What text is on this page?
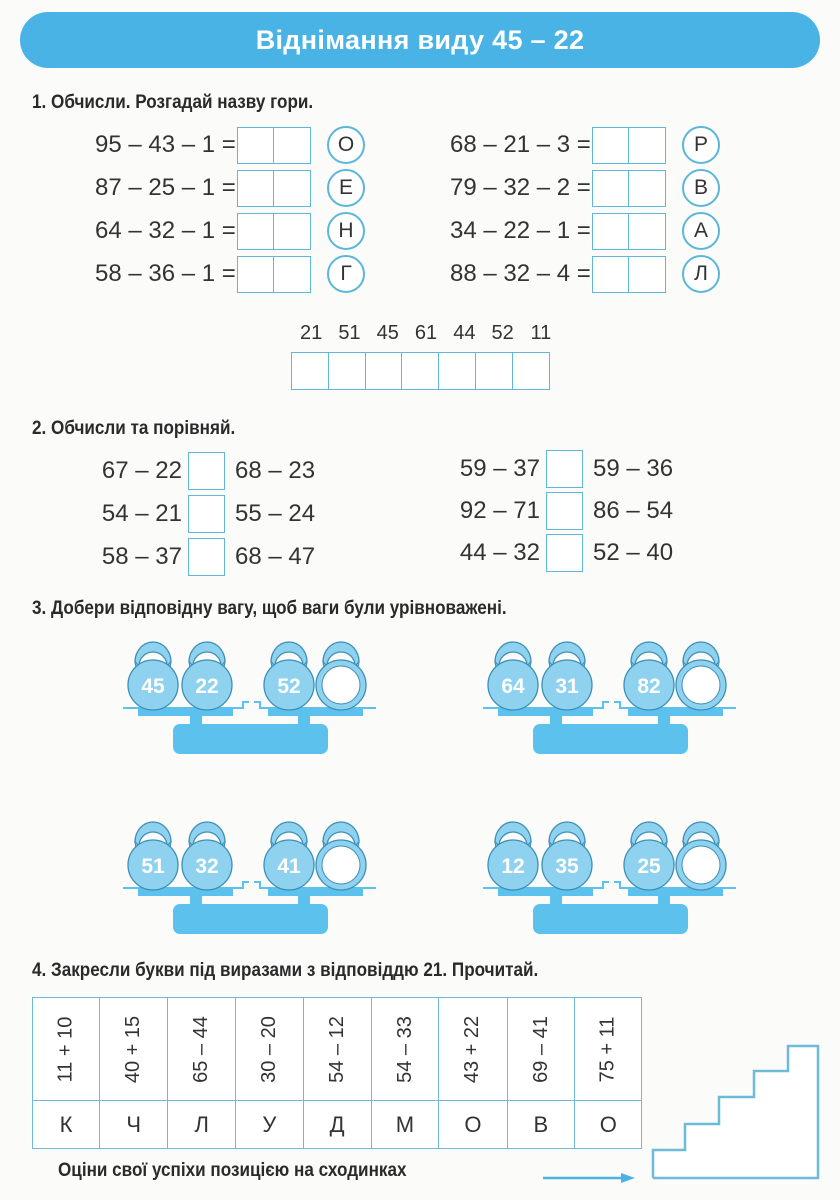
Віднімання виду 45 – 22
1. Обчисли. Розгадай назву гори.
95 – 43 – 1 =	О
87 – 25 – 1 =	Е
64 – 32 – 1 =	Н
58 – 36 – 1 =	Г
68 – 21 – 3 =	Р
79 – 32 – 2 =	В
34 – 22 – 1 =	А
88 – 32 – 4 =	Л
21 51 45 61 44 52 11
2. Обчисли та порівняй.
67 – 22 68 – 23
54 – 21 55 – 24
58 – 37 68 – 47
59 – 37 59 – 36
92 – 71 86 – 54
44 – 32 52 – 40
3. Добери відповідну вагу, щоб ваги були урівноважені.
45	22	52	64	31	82
51	32	41	12	35	25
4. Закресли букви під виразами з відповіддю 21. Прочитай.
11 + 10	40 + 15	65 – 44	30 – 20	54 – 12	54 – 33	43 + 22	69 – 41	75 + 11
К	Ч	Л	У	Д	М	О	В	О
Оціни свої успіхи позицією на сходинках
